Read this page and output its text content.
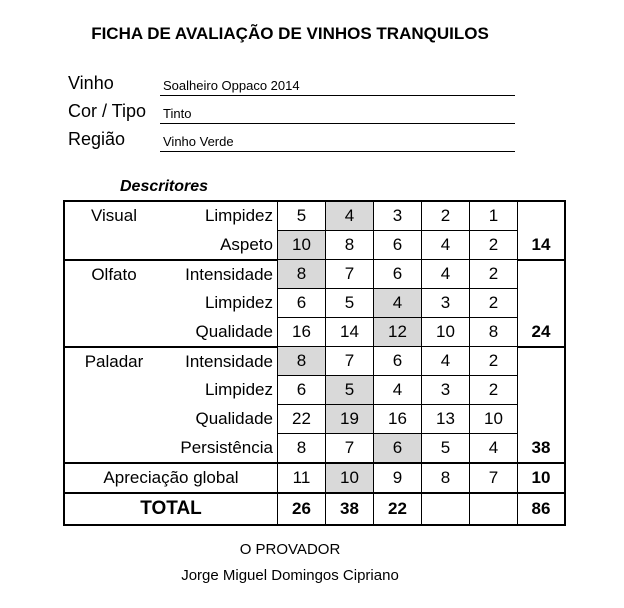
FICHA DE AVALIAÇÃO DE VINHOS TRANQUILOS
Vinho	Soalheiro Oppaco 2014
Cor / Tipo Tinto
Região	Vinho Verde
Descritores
Visual	Limpidez	5	4	3	2	1	
	Aspeto	10	8	6	4	2	14
Olfato	Intensidade	8	7	6	4	2	
	Limpidez	6	5	4	3	2	
	Qualidade	16	14	12	10	8	24
Paladar	Intensidade	8	7	6	4	2	
	Limpidez	6	5	4	3	2	
	Qualidade	22	19	16	13	10	
	Persistência	8	7	6	5	4	38
Apreciação global		11	10	9	8	7	10
TOTAL		26	38	22			86
O PROVADOR
Jorge Miguel Domingos Cipriano
